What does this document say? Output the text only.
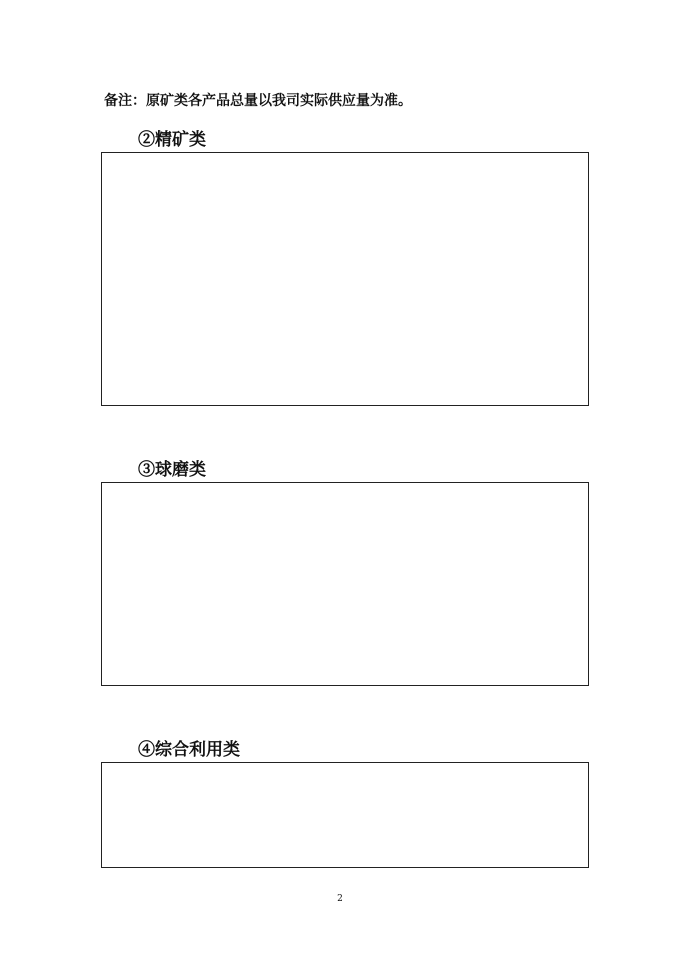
备注：原矿类各产品总量以我司实际供应量为准。
②精矿类
③球磨类
④综合利用类
2
